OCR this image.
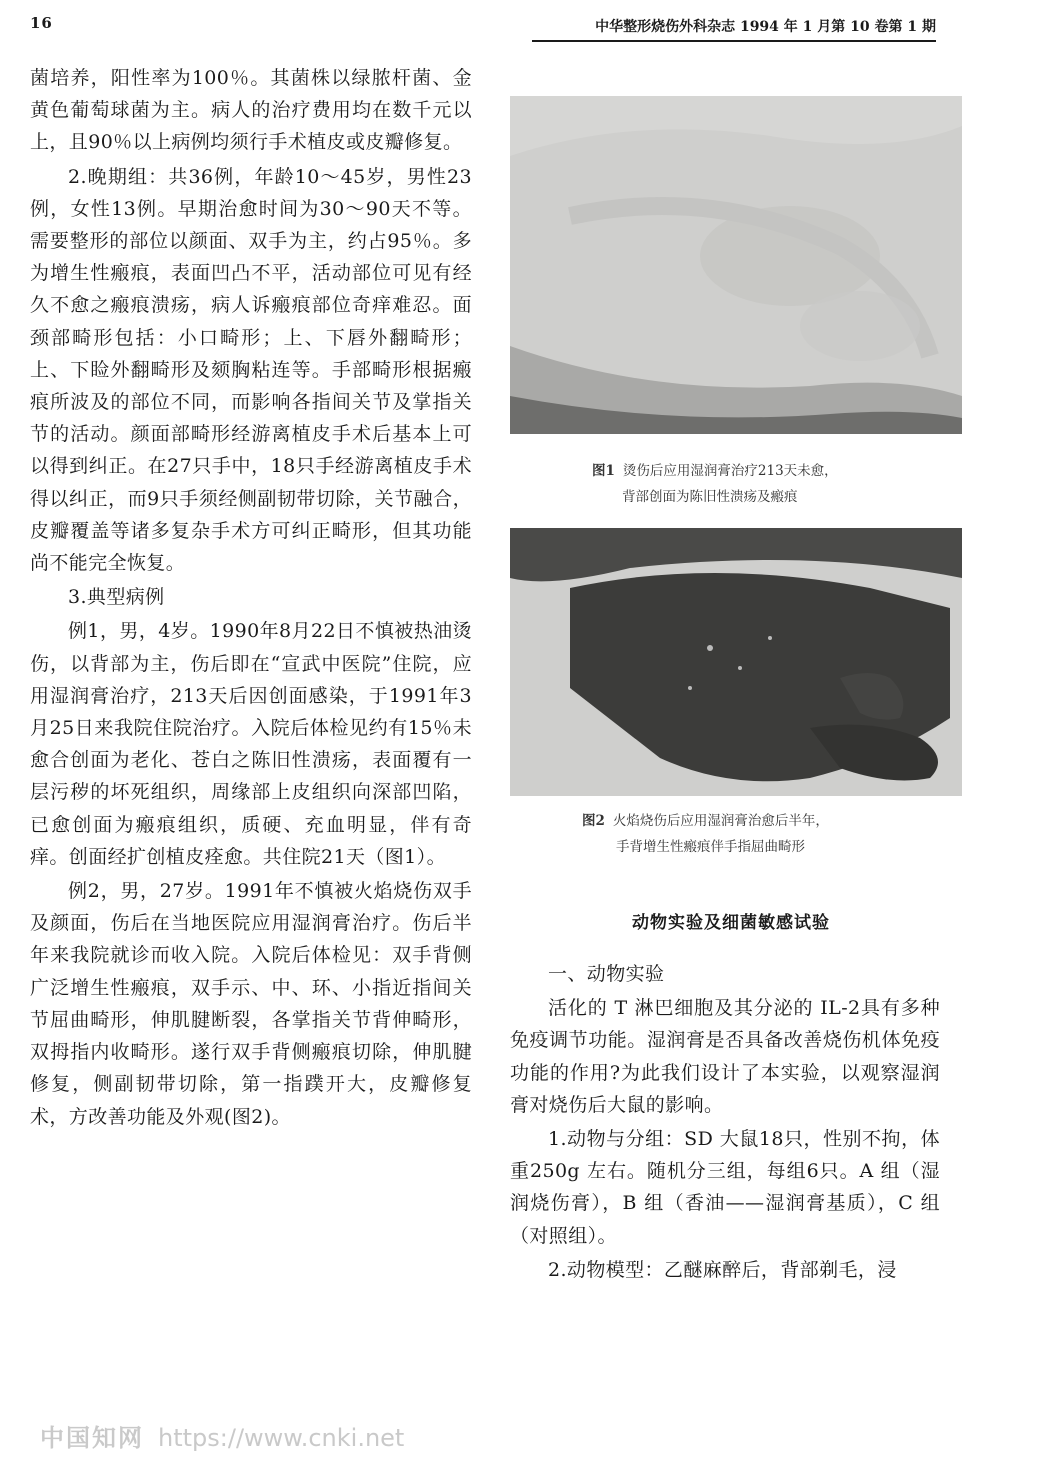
16	中华整形烧伤外科杂志 1994 年 1 月第 10 卷第 1 期

菌培养，阳性率为100％。其菌株以绿脓杆菌、金黄色葡萄球菌为主。病人的治疗费用均在数千元以上，且90％以上病例均须行手术植皮或皮瓣修复。

2.晚期组：共36例，年龄10～45岁，男性23例，女性13例。早期治愈时间为30～90天不等。需要整形的部位以颜面、双手为主，约占95％。多为增生性瘢痕，表面凹凸不平，活动部位可见有经久不愈之瘢痕溃疡，病人诉瘢痕部位奇痒难忍。面颈部畸形包括：小口畸形；上、下唇外翻畸形；上、下睑外翻畸形及颏胸粘连等。手部畸形根据瘢痕所波及的部位不同，而影响各指间关节及掌指关节的活动。颜面部畸形经游离植皮手术后基本上可以得到纠正。在27只手中，18只手经游离植皮手术得以纠正，而9只手须经侧副韧带切除，关节融合，皮瓣覆盖等诸多复杂手术方可纠正畸形，但其功能尚不能完全恢复。

3.典型病例

例1，男，4岁。1990年8月22日不慎被热油烫伤，以背部为主，伤后即在“宣武中医院”住院，应用湿润膏治疗，213天后因创面感染，于1991年3月25日来我院住院治疗。入院后体检见约有15％未愈合创面为老化、苍白之陈旧性溃疡，表面覆有一层污秽的坏死组织，周缘部上皮组织向深部凹陷，已愈创面为瘢痕组织，质硬、充血明显，伴有奇痒。创面经扩创植皮痊愈。共住院21天（图1）。

例2，男，27岁。1991年不慎被火焰烧伤双手及颜面，伤后在当地医院应用湿润膏治疗。伤后半年来我院就诊而收入院。入院后体检见：双手背侧广泛增生性瘢痕，双手示、中、环、小指近指间关节屈曲畸形，伸肌腱断裂，各掌指关节背伸畸形，双拇指内收畸形。遂行双手背侧瘢痕切除，伸肌腱修复，侧副韧带切除，第一指蹼开大，皮瓣修复术，方改善功能及外观(图2)。

图1 烫伤后应用湿润膏治疗213天未愈，
背部创面为陈旧性溃疡及瘢痕
图2 火焰烧伤后应用湿润膏治愈后半年，
手背增生性瘢痕伴手指屈曲畸形
动物实验及细菌敏感试验

一、动物实验

活化的 T 淋巴细胞及其分泌的 IL-2具有多种免疫调节功能。湿润膏是否具备改善烧伤机体免疫功能的作用?为此我们设计了本实验，以观察湿润膏对烧伤后大鼠的影响。

1.动物与分组：SD 大鼠18只，性别不拘，体重250g 左右。随机分三组，每组6只。A 组（湿润烧伤膏），B 组（香油——湿润膏基质），C 组（对照组）。

2.动物模型：乙醚麻醉后，背部剃毛，浸

中国知网 https://www.cnki.net
